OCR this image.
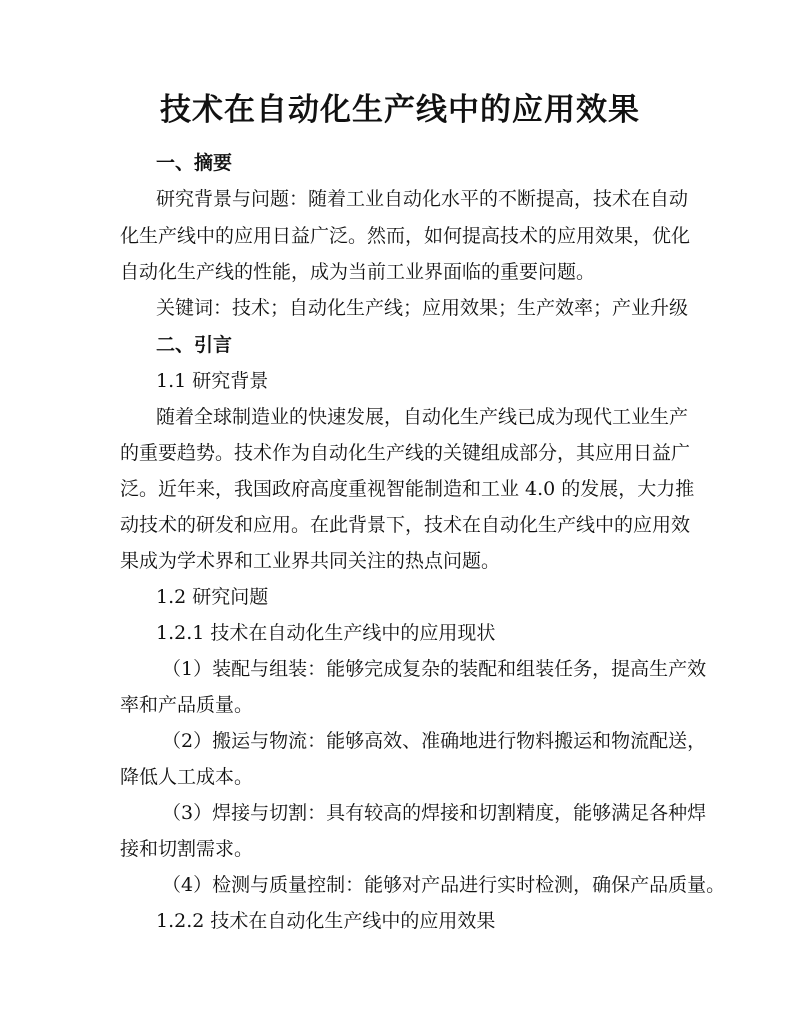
技术在自动化生产线中的应用效果
一、摘要
研究背景与问题：随着工业自动化水平的不断提高，技术在自动
化生产线中的应用日益广泛。然而，如何提高技术的应用效果，优化
自动化生产线的性能，成为当前工业界面临的重要问题。
关键词：技术；自动化生产线；应用效果；生产效率；产业升级
二、引言
1.1 研究背景
随着全球制造业的快速发展，自动化生产线已成为现代工业生产
的重要趋势。技术作为自动化生产线的关键组成部分，其应用日益广
泛。近年来，我国政府高度重视智能制造和工业 4.0 的发展，大力推
动技术的研发和应用。在此背景下，技术在自动化生产线中的应用效
果成为学术界和工业界共同关注的热点问题。
1.2 研究问题
1.2.1 技术在自动化生产线中的应用现状
（1）装配与组装：能够完成复杂的装配和组装任务，提高生产效
率和产品质量。
（2）搬运与物流：能够高效、准确地进行物料搬运和物流配送，
降低人工成本。
（3）焊接与切割：具有较高的焊接和切割精度，能够满足各种焊
接和切割需求。
（4）检测与质量控制：能够对产品进行实时检测，确保产品质量。
1.2.2 技术在自动化生产线中的应用效果
